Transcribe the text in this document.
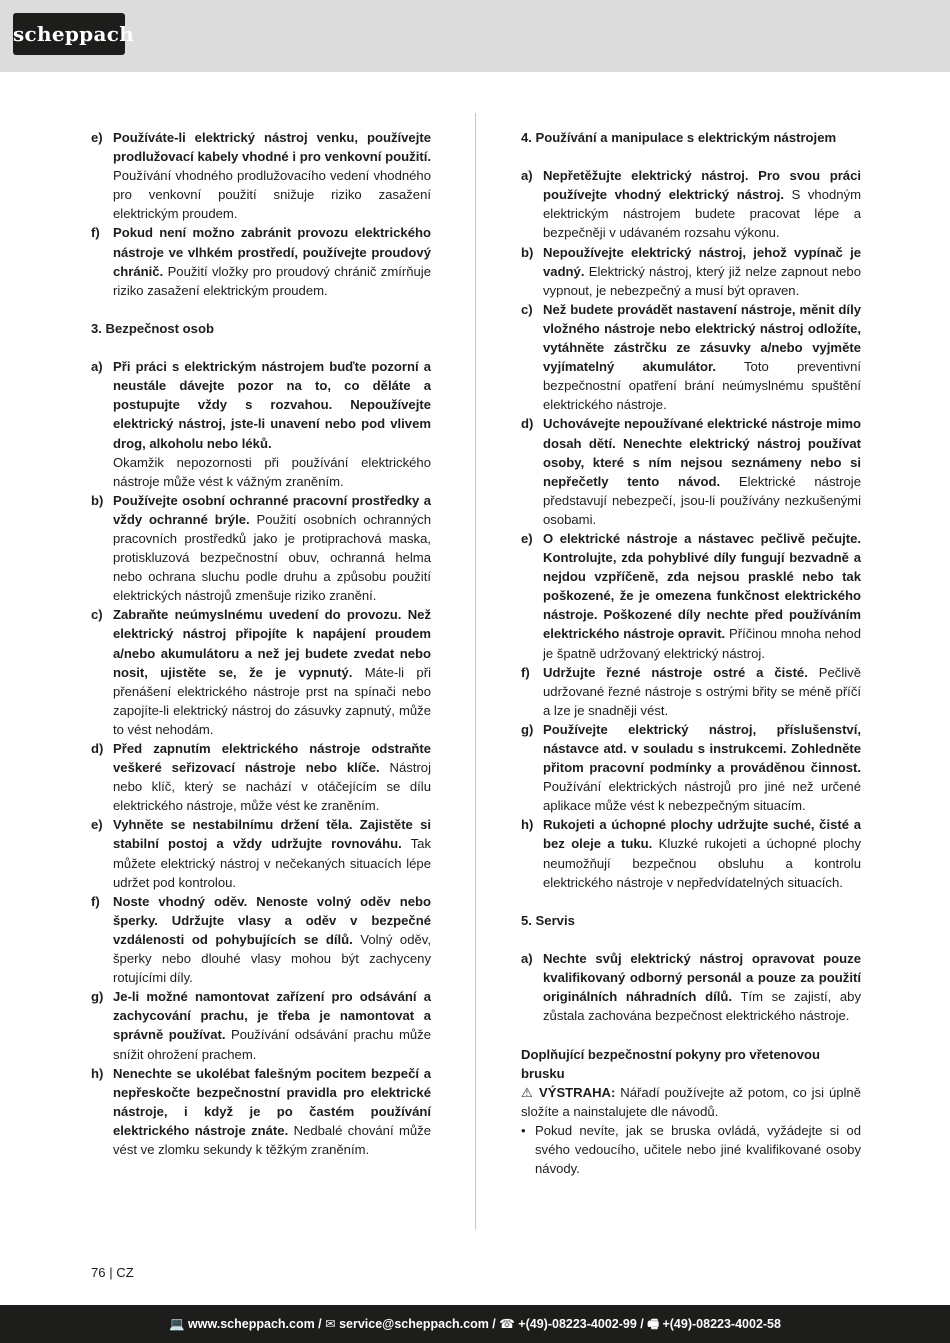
scheppach
e) Používáte-li elektrický nástroj venku, používejte prodlužovací kabely vhodné i pro venkovní použití. Používání vhodného prodlužovacího vedení vhodného pro venkovní použití snižuje riziko zasažení elektrickým proudem.
f)	Pokud není možno zabránit provozu elektrického nástroje ve vlhkém prostředí, používejte proudový chránič. Použití vložky pro proudový chránič zmírňuje riziko zasažení elektrickým proudem.
3. Bezpečnost osob
a) Při práci s elektrickým nástrojem buďte pozorní a neustále dávejte pozor na to, co děláte a postupujte vždy s rozvahou. Nepoužívejte elektrický nástroj, jste-li unavení nebo pod vlivem drog, alkoholu nebo léků.
Okamžik nepozornosti při používání elektrického nástroje může vést k vážným zraněním.
b) Používejte osobní ochranné pracovní prostředky a vždy ochranné brýle. Použití osobních ochranných pracovních prostředků jako je protiprachová maska, protiskluzová bezpečnostní obuv, ochranná helma nebo ochrana sluchu podle druhu a způsobu použití elektrických nástrojů zmenšuje riziko zranění.
c) Zabraňte neúmyslnému uvedení do provozu. Než elektrický nástroj připojíte k napájení proudem a/nebo akumulátoru a než jej budete zvedat nebo nosit, ujistěte se, že je vypnutý. Máte-li při přenášení elektrického nástroje prst na spínači nebo zapojíte-li elektrický nástroj do zásuvky zapnutý, může to vést nehodám.
d) Před zapnutím elektrického nástroje odstraňte veškeré seřizovací nástroje nebo klíče. Nástroj nebo klíč, který se nachází v otáčejícím se dílu elektrického nástroje, může vést ke zraněním.
e) Vyhněte se nestabilnímu držení těla. Zajistěte si stabilní postoj a vždy udržujte rovnováhu. Tak můžete elektrický nástroj v nečekaných situacích lépe udržet pod kontrolou.
f)	Noste vhodný oděv. Nenoste volný oděv nebo šperky. Udržujte vlasy a oděv v bezpečné vzdálenosti od pohybujících se dílů. Volný oděv, šperky nebo dlouhé vlasy mohou být zachyceny rotujícími díly.
g) Je-li možné namontovat zařízení pro odsávání a zachycování prachu, je třeba je namontovat a správně používat. Používání odsávání prachu může snížit ohrožení prachem.
h) Nenechte se ukolébat falešným pocitem bezpečí a nepřeskočte bezpečnostní pravidla pro elektrické nástroje, i když je po častém používání elektrického nástroje znáte. Nedbalé chování může vést ve zlomku sekundy k těžkým zraněním.
4. Používání a manipulace s elektrickým nástrojem
a) Nepřetěžujte elektrický nástroj. Pro svou práci používejte vhodný elektrický nástroj. S vhodným elektrickým nástrojem budete pracovat lépe a bezpečněji v udávaném rozsahu výkonu.
b) Nepoužívejte elektrický nástroj, jehož vypínač je vadný. Elektrický nástroj, který již nelze zapnout nebo vypnout, je nebezpečný a musí být opraven.
c) Než budete provádět nastavení nástroje, měnit díly vložného nástroje nebo elektrický nástroj odložíte, vytáhněte zástrčku ze zásuvky a/nebo vyjměte vyjímatelný akumulátor. Toto preventivní bezpečnostní opatření brání neúmyslnému spuštění elektrického nástroje.
d) Uchovávejte nepoužívané elektrické nástroje mimo dosah dětí. Nenechte elektrický nástroj používat osoby, které s ním nejsou seznámeny nebo si nepřečetly tento návod. Elektrické nástroje představují nebezpečí, jsou-li používány nezkušenými osobami.
e) O elektrické nástroje a nástavec pečlivě pečujte. Kontrolujte, zda pohyblivé díly fungují bezvadně a nejdou vzpříčeně, zda nejsou prasklé nebo tak poškozené, že je omezena funkčnost elektrického nástroje. Poškozené díly nechte před používáním elektrického nástroje opravit. Příčinou mnoha nehod je špatně udržovaný elektrický nástroj.
f)	Udržujte řezné nástroje ostré a čisté. Pečlivě udržované řezné nástroje s ostrými břity se méně příčí a lze je snadněji vést.
g) Používejte elektrický nástroj, příslušenství, nástavce atd. v souladu s instrukcemi. Zohledněte přitom pracovní podmínky a prováděnou činnost. Používání elektrických nástrojů pro jiné než určené aplikace může vést k nebezpečným situacím.
h) Rukojeti a úchopné plochy udržujte suché, čisté a bez oleje a tuku. Kluzké rukojeti a úchopné plochy neumožňují bezpečnou obsluhu a kontrolu elektrického nástroje v nepředvídatelných situacích.
5. Servis
a) Nechte svůj elektrický nástroj opravovat pouze kvalifikovaný odborný personál a pouze za použití originálních náhradních dílů. Tím se zajistí, aby zůstala zachována bezpečnost elektrického nástroje.
Doplňující bezpečnostní pokyny pro vřetenovou brusku
⚠ VÝSTRAHA: Nářadí používejte až potom, co jsi úplně složíte a nainstalujete dle návodů.
• Pokud nevíte, jak se bruska ovládá, vyžádejte si od svého vedoucího, učitele nebo jiné kvalifikované osoby návody.
76 | CZ
💻 www.scheppach.com / ✉ service@scheppach.com / ☎ +(49)-08223-4002-99 / 🖷 +(49)-08223-4002-58
